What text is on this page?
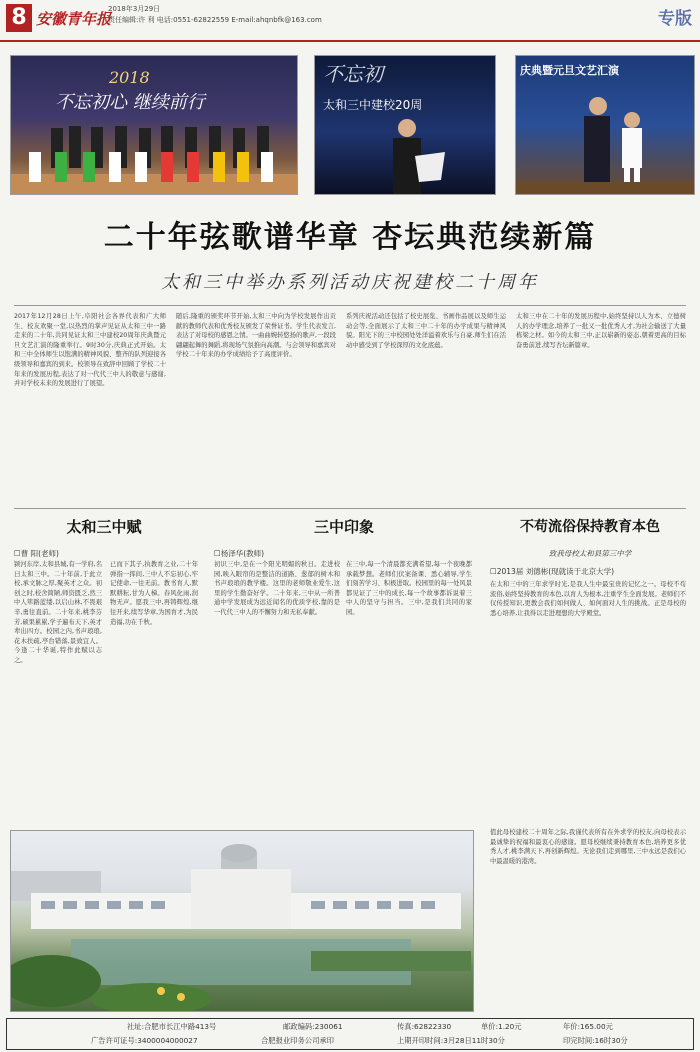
8 安徽青年报
2018年3月29日
责任编辑:许 利 电话:0551-62822559 E-mail:ahqnbfk@163.com	专版
2018
不忘初心 继续前行
不忘初
太和三中建校20周
庆典暨元旦文艺汇演
二十年弦歌谱华章 杏坛典范续新篇
太和三中举办系列活动庆祝建校二十周年
2017年12月28日上午,阜阳社会各界代表和广大师生、校友欢聚一堂,以热烈的掌声见证从太和三中一路走来的二十年,共同见证太和三中建校20周年庆典暨元旦文艺汇演的隆重举行。9时30分,庆典正式开始。太和三中全体师生以饱满的精神风貌、整齐的队列迎接各级领导和嘉宾的到来。校领导在致辞中回顾了学校二十年来的发展历程,表达了对一代代三中人的敬意与感谢,并对学校未来的发展进行了展望。
随后,隆重的颁奖环节开始,太和三中向为学校发展作出贡献的教师代表和优秀校友颁发了荣誉证书。学生代表发言,表达了对母校的感恩之情。一曲曲婉转悠扬的歌声,一段段翩翩起舞的舞蹈,将现场气氛推向高潮。与会领导和嘉宾对学校二十年来的办学成绩给予了高度评价。
系列庆祝活动还包括了校史展览、书画作品展以及师生运动会等,全面展示了太和三中二十年的办学成果与精神风貌。阳光下的三中校园处处洋溢着欢乐与自豪,师生们在活动中感受到了学校深厚的文化底蕴。
太和三中在二十年的发展历程中,始终坚持以人为本、立德树人的办学理念,培养了一批又一批优秀人才,为社会输送了大量栋梁之材。如今的太和三中,正以崭新的姿态,朝着更高的目标奋勇前进,续写杏坛新篇章。
太和三中赋
☐曹 阳(老师)
颍河东岸,太和县城,有一学府,名曰太和三中。二十年前,于此立校,承文脉之厚,聚英才之众。初创之时,校舍简陋,师资匮乏,然三中人筚路蓝缕,以启山林,不畏艰辛,勇往直前。二十年来,桃李芬芳,硕果累累,学子遍布天下,英才辈出四方。校园之内,书声琅琅,花木扶疏,亭台错落,景致宜人。今逢二十华诞,特作此赋以志之。
已而下其子,执教育之业,二十年弹指一挥间,三中人不忘初心,牢记使命,一往无前。教书育人,默默耕耘,甘为人梯。春风化雨,润物无声。愿我三中,再铸辉煌,继往开来,续写华章,为国育才,为民造福,功在千秋。
三中印象
☐杨泽华(教师)
初识三中,是在一个阳光明媚的秋日。走进校园,映入眼帘的是整洁的道路、葱郁的树木和书声琅琅的教学楼。这里的老师敬业爱生,这里的学生勤奋好学。二十年来,三中从一所普通中学发展成为远近闻名的优质学校,靠的是一代代三中人的不懈努力和无私奉献。
在三中,每一个清晨都充满希望,每一个夜晚都承载梦想。老师们伏案备课、悉心辅导,学生们刻苦学习、积极进取。校园里的每一处风景都见证了三中的成长,每一个故事都诉说着三中人的坚守与担当。三中,是我们共同的家园。
不苟流俗保持教育本色
致我母校太和县第三中学
☐2013届 刘德彬(现就读于北京大学)
在太和三中的三年求学时光,是我人生中最宝贵的记忆之一。母校不苟流俗,始终坚持教育的本色,以育人为根本,注重学生全面发展。老师们不仅传授知识,更教会我们如何做人、如何面对人生的挑战。正是母校的悉心培养,让我得以走进理想的大学殿堂。
值此母校建校二十周年之际,我谨代表所有在外求学的校友,向母校表示最诚挚的祝福和最衷心的感谢。愿母校继续秉持教育本色,培养更多优秀人才,桃李满天下,再创新辉煌。无论我们走到哪里,三中永远是我们心中最温暖的港湾。
社址:合肥市长江中路413号	邮政编码:230061	传真:62822330	单价:1.20元	年价:165.00元
广告许可证号:3400004000027	合肥报业印务公司承印	上期开印时间:3月28日11时30分	印完时间:16时30分
